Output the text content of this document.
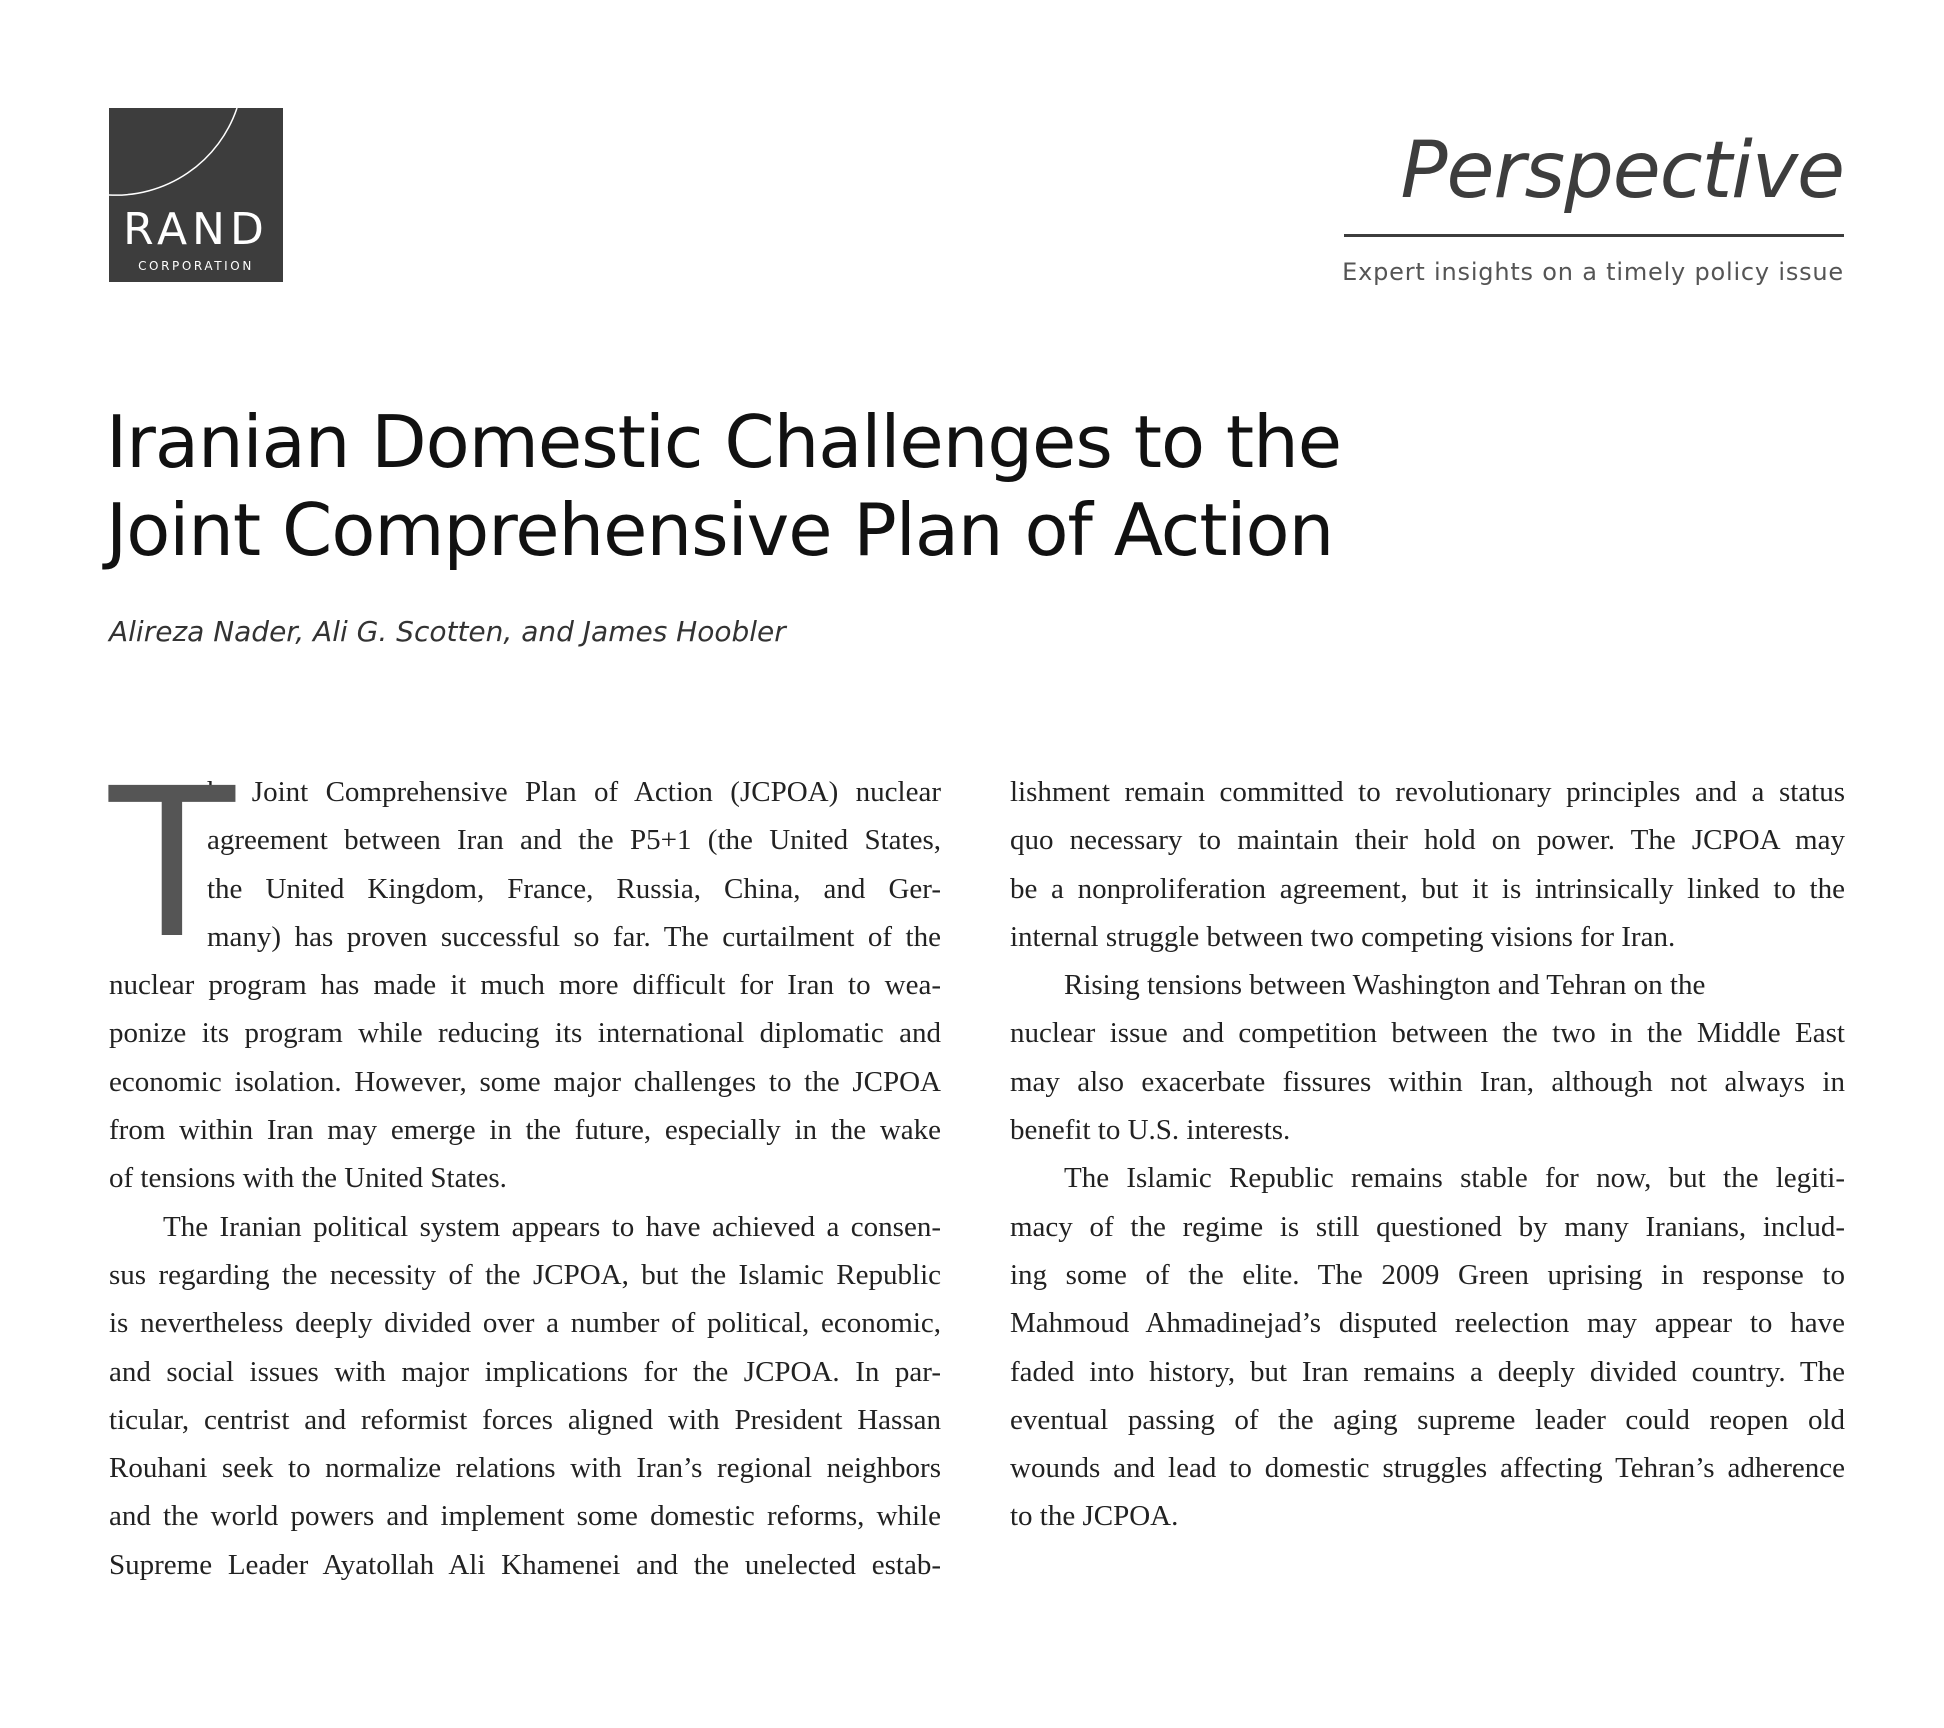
RAND
CORPORATION
Perspective
Expert insights on a timely policy issue
Iranian Domestic Challenges to the
Joint Comprehensive Plan of Action
Alireza Nader, Ali G. Scotten, and James Hoobler
T
he Joint Comprehensive Plan of Action (JCPOA) nuclear
agreement between Iran and the P5+1 (the United States,
the United Kingdom, France, Russia, China, and Ger-
many) has proven successful so far. The curtailment of the
nuclear program has made it much more difficult for Iran to wea-
ponize its program while reducing its international diplomatic and
economic isolation. However, some major challenges to the JCPOA
from within Iran may emerge in the future, especially in the wake
of tensions with the United States.
The Iranian political system appears to have achieved a consen-
sus regarding the necessity of the JCPOA, but the Islamic Republic
is nevertheless deeply divided over a number of political, economic,
and social issues with major implications for the JCPOA. In par-
ticular, centrist and reformist forces aligned with President Hassan
Rouhani seek to normalize relations with Iran’s regional neighbors
and the world powers and implement some domestic reforms, while
Supreme Leader Ayatollah Ali Khamenei and the unelected estab-
lishment remain committed to revolutionary principles and a status
quo necessary to maintain their hold on power. The JCPOA may
be a nonproliferation agreement, but it is intrinsically linked to the
internal struggle between two competing visions for Iran.
Rising tensions between Washington and Tehran on the
nuclear issue and competition between the two in the Middle East
may also exacerbate fissures within Iran, although not always in
benefit to U.S. interests.
The Islamic Republic remains stable for now, but the legiti-
macy of the regime is still questioned by many Iranians, includ-
ing some of the elite. The 2009 Green uprising in response to
Mahmoud Ahmadinejad’s disputed reelection may appear to have
faded into history, but Iran remains a deeply divided country. The
eventual passing of the aging supreme leader could reopen old
wounds and lead to domestic struggles affecting Tehran’s adherence
to the JCPOA.
